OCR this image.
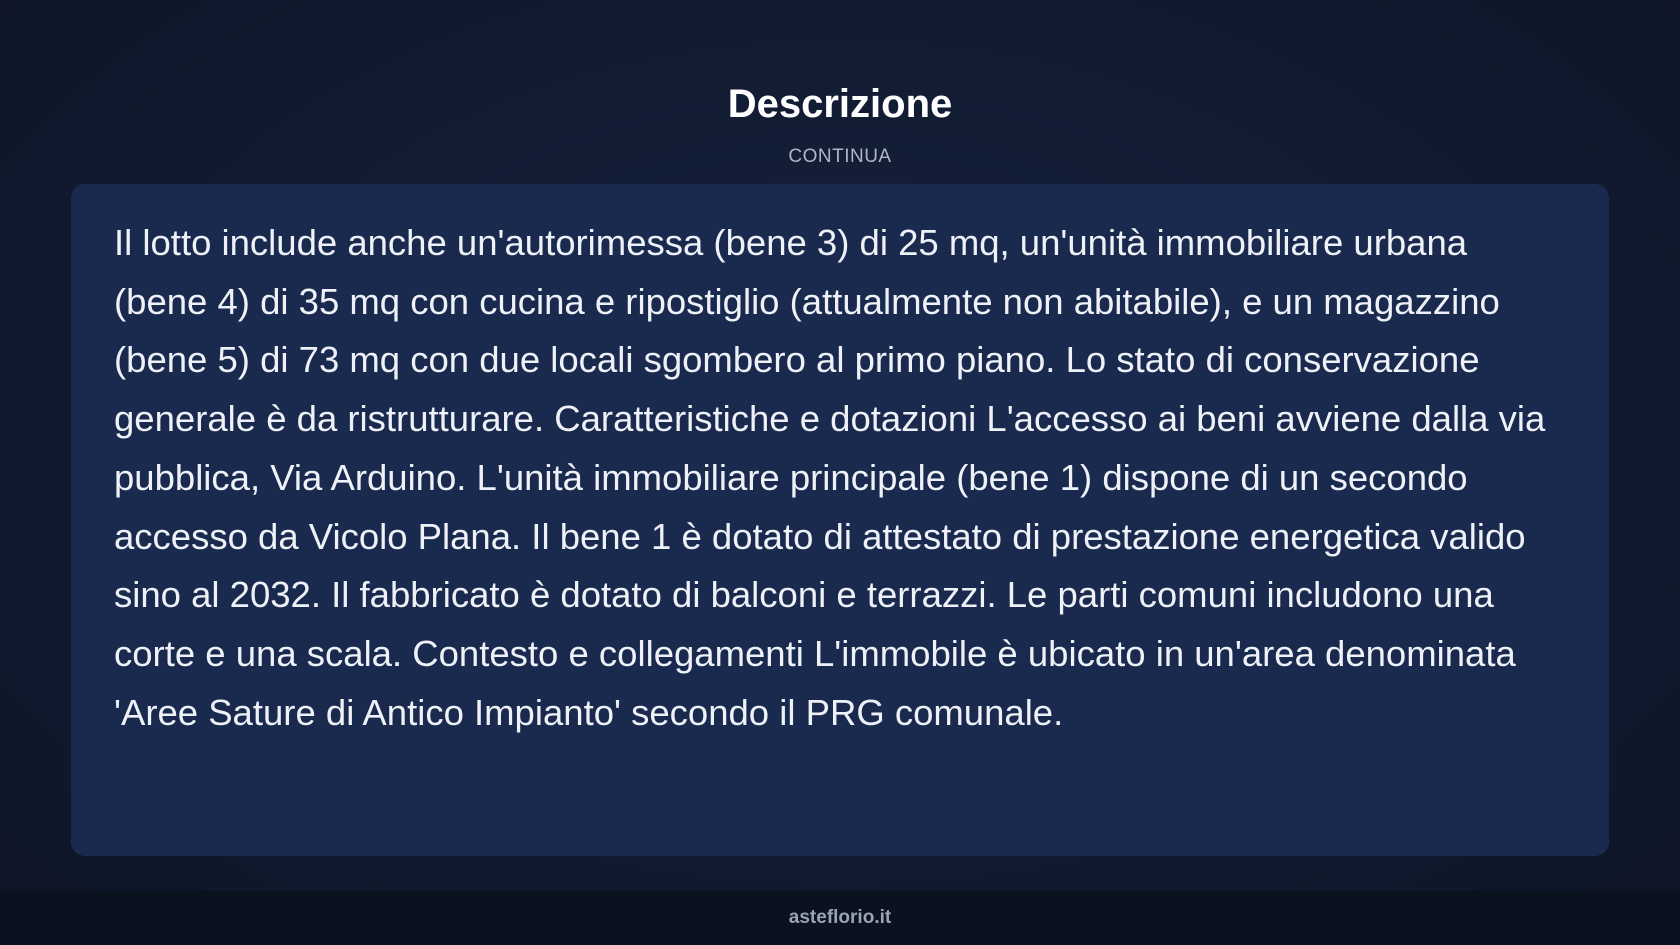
Descrizione
CONTINUA

Il lotto include anche un'autorimessa (bene 3) di 25 mq, un'unità immobiliare urbana (bene 4) di 35 mq con cucina e ripostiglio (attualmente non abitabile), e un magazzino (bene 5) di 73 mq con due locali sgombero al primo piano. Lo stato di conservazione generale è da ristrutturare. Caratteristiche e dotazioni L'accesso ai beni avviene dalla via pubblica, Via Arduino. L'unità immobiliare principale (bene 1) dispone di un secondo accesso da Vicolo Plana. Il bene 1 è dotato di attestato di prestazione energetica valido sino al 2032. Il fabbricato è dotato di balconi e terrazzi. Le parti comuni includono una corte e una scala. Contesto e collegamenti L'immobile è ubicato in un'area denominata 'Aree Sature di Antico Impianto' secondo il PRG comunale.

asteflorio.it
